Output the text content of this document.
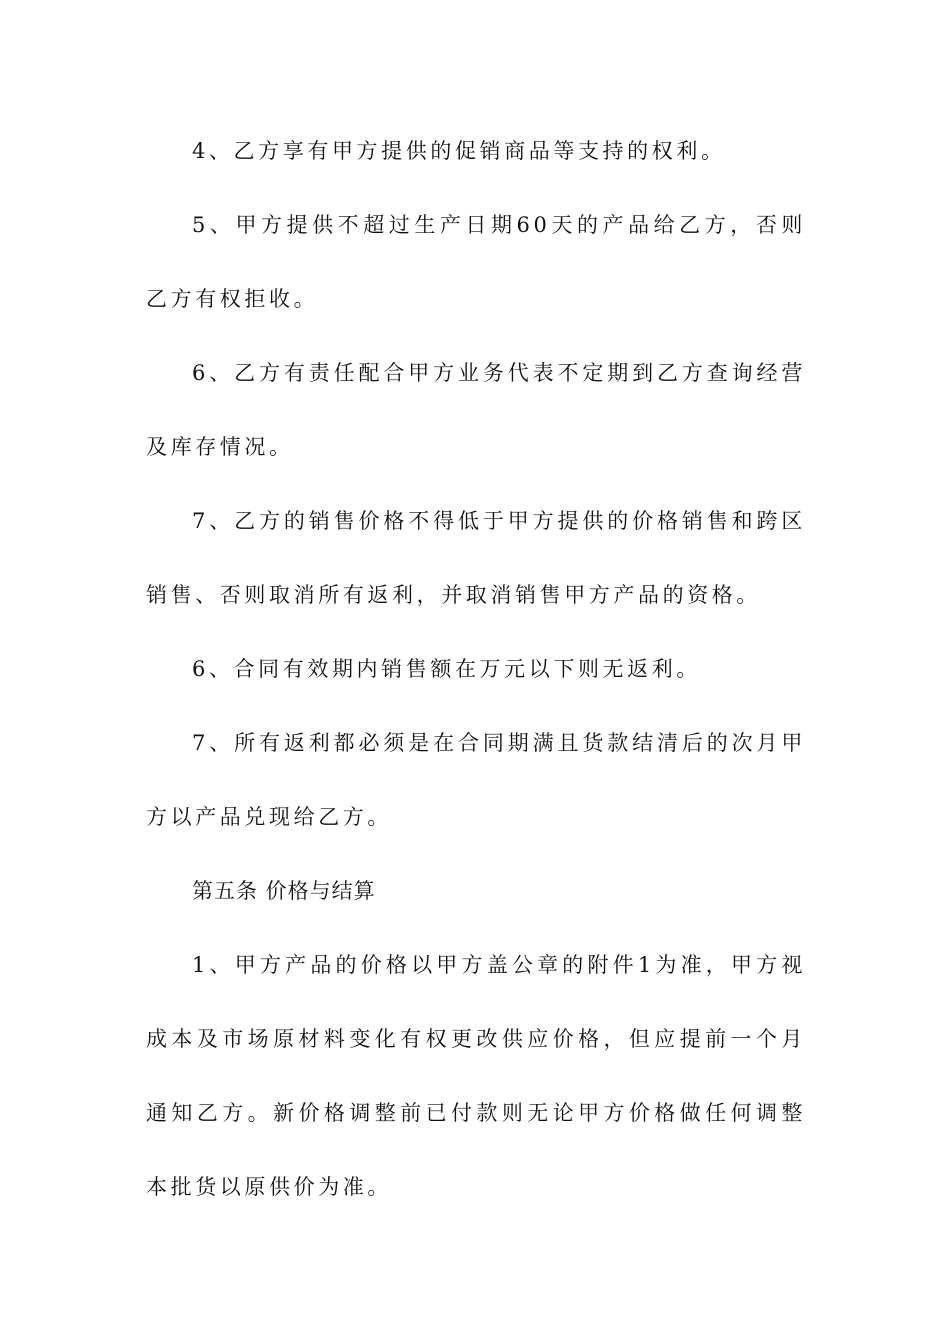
4、乙方享有甲方提供的促销商品等支持的权利。

5、甲方提供不超过生产日期60天的产品给乙方，否则乙方有权拒收。

6、乙方有责任配合甲方业务代表不定期到乙方查询经营及库存情况。

7、乙方的销售价格不得低于甲方提供的价格销售和跨区销售、否则取消所有返利，并取消销售甲方产品的资格。

6、合同有效期内销售额在万元以下则无返利。

7、所有返利都必须是在合同期满且货款结清后的次月甲方以产品兑现给乙方。

第五条 价格与结算

1、甲方产品的价格以甲方盖公章的附件1为准，甲方视成本及市场原材料变化有权更改供应价格，但应提前一个月通知乙方。新价格调整前已付款则无论甲方价格做任何调整本批货以原供价为准。
